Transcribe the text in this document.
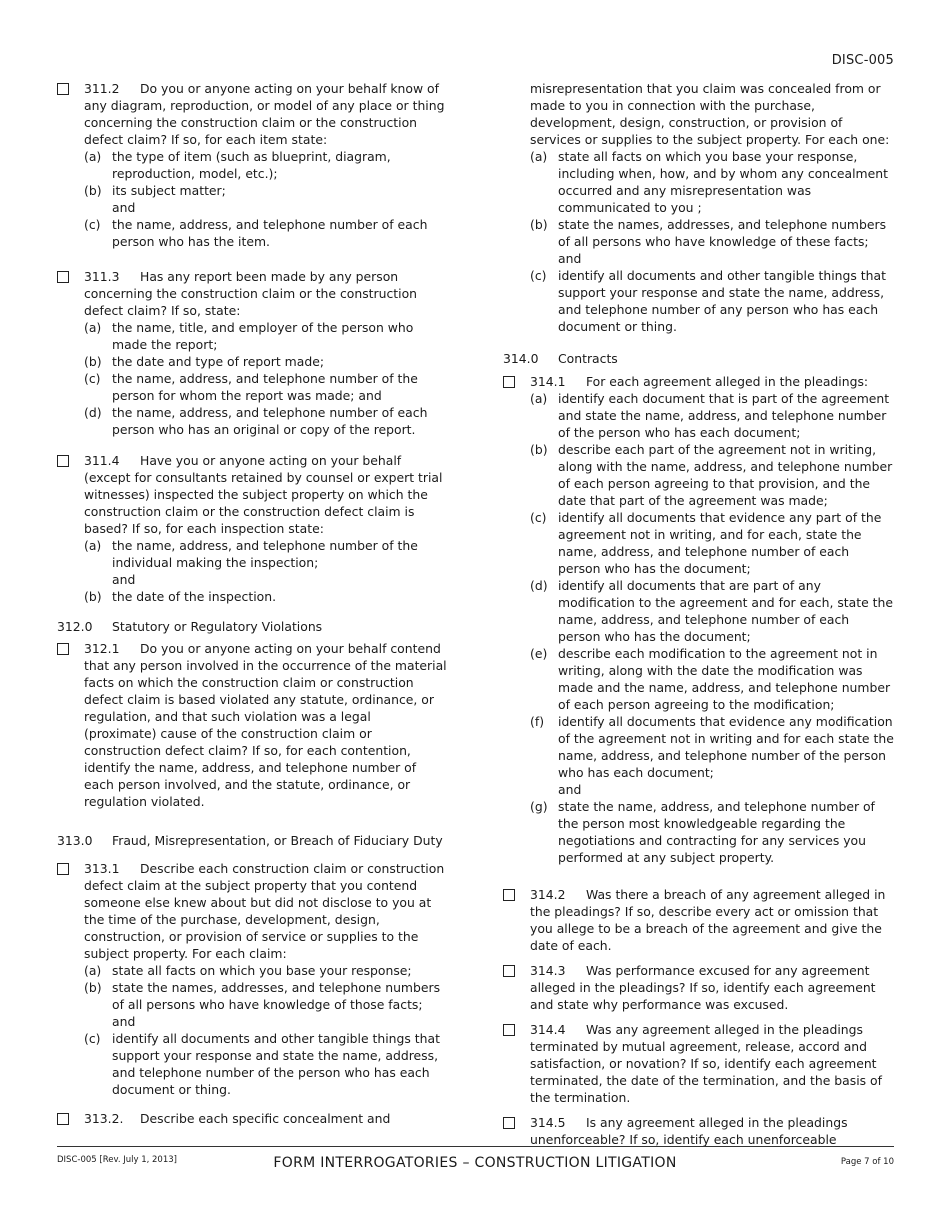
DISC-005
311.2 Do you or anyone acting on your behalf know of any diagram, reproduction, or model of any place or thing concerning the construction claim or the construction defect claim? If so, for each item state:
(a) the type of item (such as blueprint, diagram, reproduction, model, etc.);
(b) its subject matter;
and
(c) the name, address, and telephone number of each person who has the item.
311.3 Has any report been made by any person concerning the construction claim or the construction defect claim? If so, state:
(a) the name, title, and employer of the person who made the report;
(b) the date and type of report made;
(c) the name, address, and telephone number of the person for whom the report was made; and
(d) the name, address, and telephone number of each person who has an original or copy of the report.
311.4 Have you or anyone acting on your behalf (except for consultants retained by counsel or expert trial witnesses) inspected the subject property on which the construction claim or the construction defect claim is based? If so, for each inspection state:
(a) the name, address, and telephone number of the individual making the inspection;
and
(b) the date of the inspection.
312.0	Statutory or Regulatory Violations
312.1 Do you or anyone acting on your behalf contend that any person involved in the occurrence of the material facts on which the construction claim or construction defect claim is based violated any statute, ordinance, or regulation, and that such violation was a legal (proximate) cause of the construction claim or construction defect claim? If so, for each contention, identify the name, address, and telephone number of each person involved, and the statute, ordinance, or regulation violated.
313.0	Fraud, Misrepresentation, or Breach of Fiduciary Duty
313.1 Describe each construction claim or construction defect claim at the subject property that you contend someone else knew about but did not disclose to you at the time of the purchase, development, design, construction, or provision of service or supplies to the subject property. For each claim:
(a) state all facts on which you base your response;
(b) state the names, addresses, and telephone numbers of all persons who have knowledge of those facts;
and
(c) identify all documents and other tangible things that support your response and state the name, address, and telephone number of the person who has each document or thing.
313.2. Describe each specific concealment and
misrepresentation that you claim was concealed from or made to you in connection with the purchase, development, design, construction, or provision of services or supplies to the subject property. For each one:
(a) state all facts on which you base your response, including when, how, and by whom any concealment occurred and any misrepresentation was communicated to you ;
(b) state the names, addresses, and telephone numbers of all persons who have knowledge of these facts;
and
(c) identify all documents and other tangible things that support your response and state the name, address, and telephone number of any person who has each document or thing.
314.0	Contracts
314.1 For each agreement alleged in the pleadings:
(a) identify each document that is part of the agreement and state the name, address, and telephone number of the person who has each document;
(b) describe each part of the agreement not in writing, along with the name, address, and telephone number of each person agreeing to that provision, and the date that part of the agreement was made;
(c) identify all documents that evidence any part of the agreement not in writing, and for each, state the name, address, and telephone number of each person who has the document;
(d) identify all documents that are part of any modification to the agreement and for each, state the name, address, and telephone number of each person who has the document;
(e) describe each modification to the agreement not in writing, along with the date the modification was made and the name, address, and telephone number of each person agreeing to the modification;
(f)	identify all documents that evidence any modification of the agreement not in writing and for each state the name, address, and telephone number of the person who has each document;
and
(g) state the name, address, and telephone number of the person most knowledgeable regarding the negotiations and contracting for any services you performed at any subject property.
314.2 Was there a breach of any agreement alleged in the pleadings? If so, describe every act or omission that you allege to be a breach of the agreement and give the date of each.
314.3 Was performance excused for any agreement alleged in the pleadings? If so, identify each agreement and state why performance was excused.
314.4 Was any agreement alleged in the pleadings terminated by mutual agreement, release, accord and satisfaction, or novation? If so, identify each agreement terminated, the date of the termination, and the basis of the termination.
314.5 Is any agreement alleged in the pleadings unenforceable? If so, identify each unenforceable
DISC-005 [Rev. July 1, 2013]	FORM INTERROGATORIES – CONSTRUCTION LITIGATION	Page 7 of 10
